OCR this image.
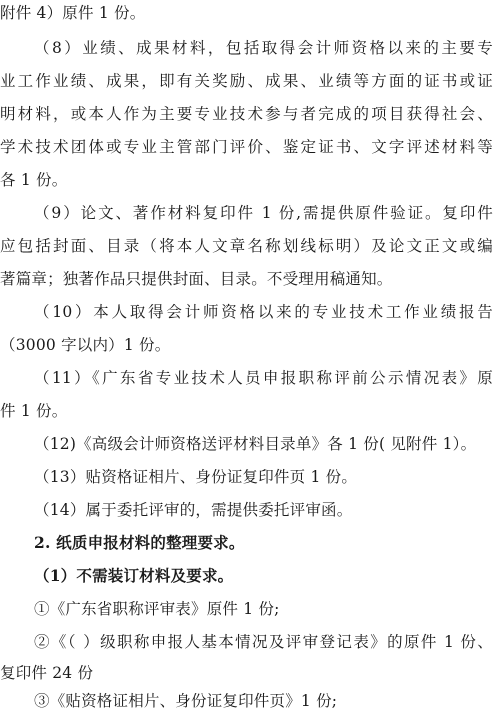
附件 4）原件 1 份。
（8）业绩、成果材料，包括取得会计师资格以来的主要专
业工作业绩、成果，即有关奖励、成果、业绩等方面的证书或证
明材料，或本人作为主要专业技术参与者完成的项目获得社会、
学术技术团体或专业主管部门评价、鉴定证书、文字评述材料等
各 1 份。
（9）论文、著作材料复印件 1 份,需提供原件验证。复印件
应包括封面、目录（将本人文章名称划线标明）及论文正文或编
著篇章；独著作品只提供封面、目录。不受理用稿通知。
（10）本人取得会计师资格以来的专业技术工作业绩报告
（3000 字以内）1 份。
（11）《广东省专业技术人员申报职称评前公示情况表》原
件 1 份。
（12)《高级会计师资格送评材料目录单》各 1 份( 见附件 1）。
（13）贴资格证相片、身份证复印件页 1 份。
（14）属于委托评审的，需提供委托评审函。
2. 纸质申报材料的整理要求。
（1）不需装订材料及要求。
①《广东省职称评审表》原件 1 份;
②《（ ）级职称申报人基本情况及评审登记表》的原件 1 份、
复印件 24 份
③《贴资格证相片、身份证复印件页》1 份;
